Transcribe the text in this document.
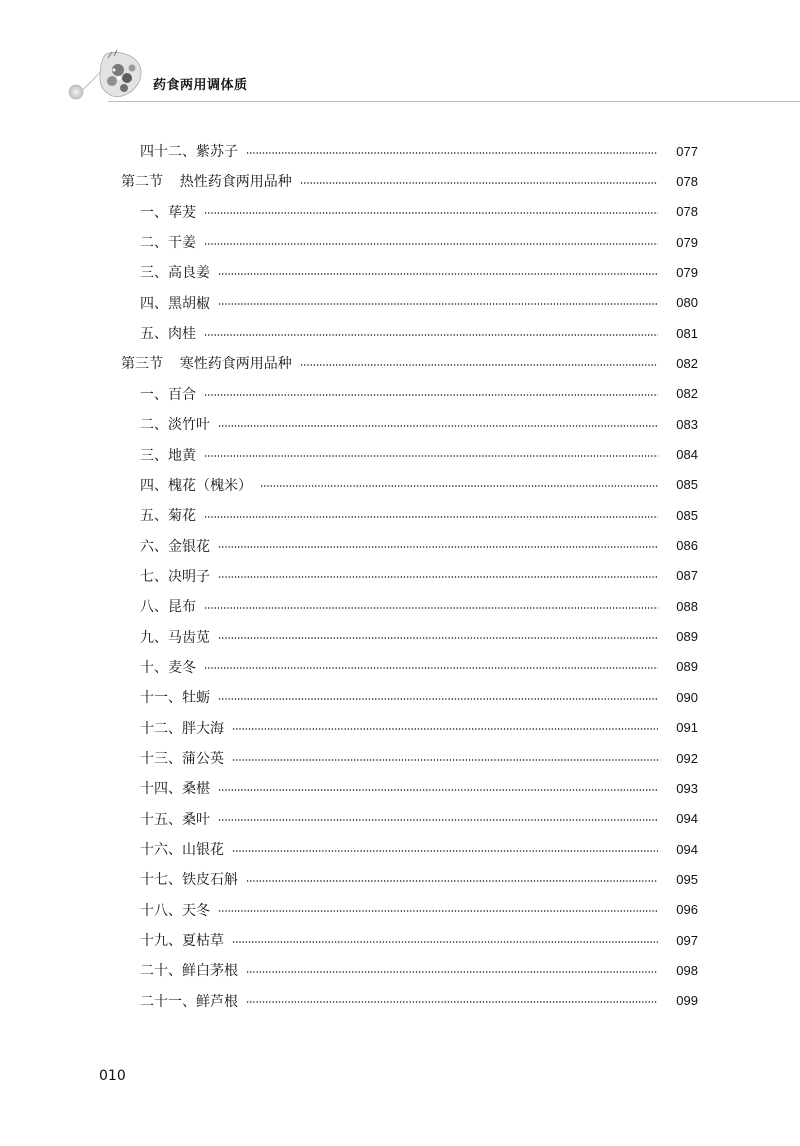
药食两用调体质
四十二、紫苏子	077
第二节 热性药食两用品种	078
一、荜茇	078
二、干姜	079
三、高良姜	079
四、黑胡椒	080
五、肉桂	081
第三节 寒性药食两用品种	082
一、百合	082
二、淡竹叶	083
三、地黄	084
四、槐花（槐米）	085
五、菊花	085
六、金银花	086
七、决明子	087
八、昆布	088
九、马齿苋	089
十、麦冬	089
十一、牡蛎	090
十二、胖大海	091
十三、蒲公英	092
十四、桑椹	093
十五、桑叶	094
十六、山银花	094
十七、铁皮石斛	095
十八、天冬	096
十九、夏枯草	097
二十、鲜白茅根	098
二十一、鲜芦根	099
010
